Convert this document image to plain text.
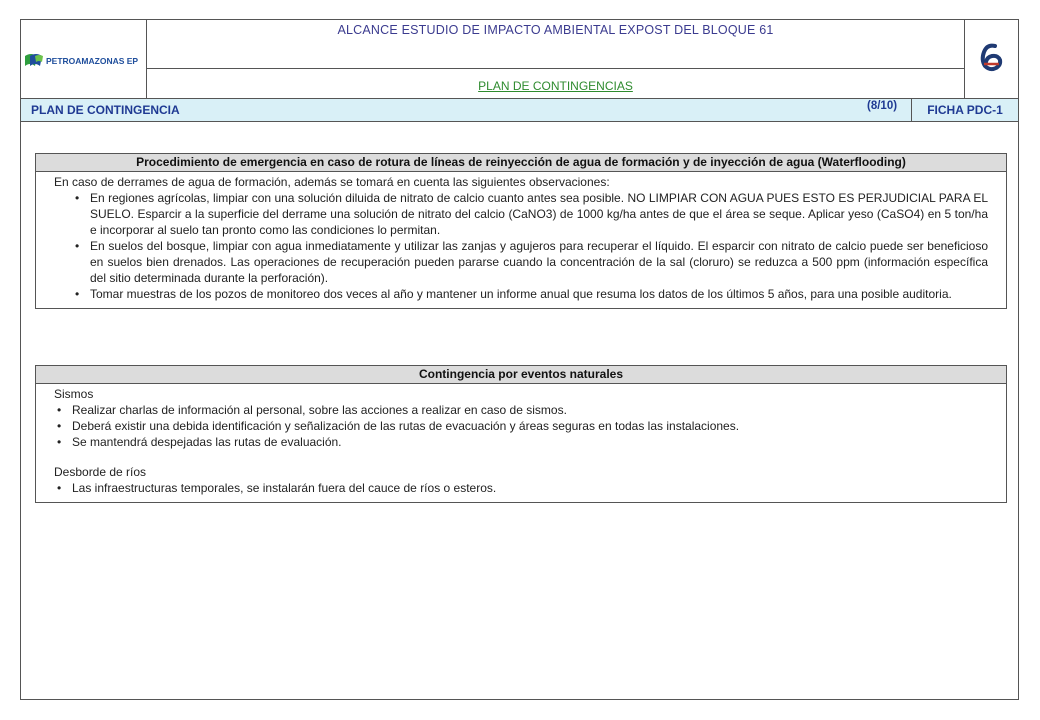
PETROAMAZONAS EP
ALCANCE ESTUDIO DE IMPACTO AMBIENTAL EXPOST DEL BLOQUE 61
PLAN DE CONTINGENCIAS
PLAN DE CONTINGENCIA	(8/10)	FICHA PDC-1
Procedimiento de emergencia en caso de rotura de líneas de reinyección de agua de formación y de inyección de agua (Waterflooding)

En caso de derrames de agua de formación, además se tomará en cuenta las siguientes observaciones:

• En regiones agrícolas, limpiar con una solución diluida de nitrato de calcio cuanto antes sea posible. NO LIMPIAR CON AGUA PUES ESTO ES PERJUDICIAL PARA EL SUELO. Esparcir a la superficie del derrame una solución de nitrato del calcio (CaNO3) de 1000 kg/ha antes de que el área se seque. Aplicar yeso (CaSO4) en 5 ton/ha e incorporar al suelo tan pronto como las condiciones lo permitan.
• En suelos del bosque, limpiar con agua inmediatamente y utilizar las zanjas y agujeros para recuperar el líquido. El esparcir con nitrato de calcio puede ser beneficioso en suelos bien drenados. Las operaciones de recuperación pueden pararse cuando la concentración de la sal (cloruro) se reduzca a 500 ppm (información específica del sitio determinada durante la perforación).
• Tomar muestras de los pozos de monitoreo dos veces al año y mantener un informe anual que resuma los datos de los últimos 5 años, para una posible auditoria.
Contingencia por eventos naturales

Sismos

• Realizar charlas de información al personal, sobre las acciones a realizar en caso de sismos.
• Deberá existir una debida identificación y señalización de las rutas de evacuación y áreas seguras en todas las instalaciones.
• Se mantendrá despejadas las rutas de evaluación.

Desborde de ríos

• Las infraestructuras temporales, se instalarán fuera del cauce de ríos o esteros.
